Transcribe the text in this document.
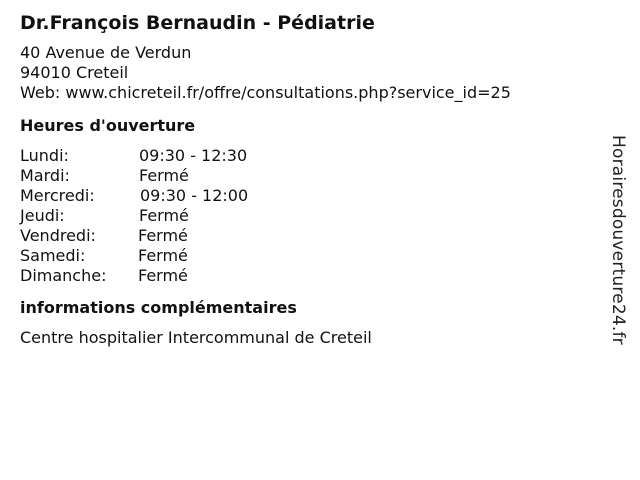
Dr.François Bernaudin - Pédiatrie
40 Avenue de Verdun
94010 Creteil
Web: www.chicreteil.fr/offre/consultations.php?service_id=25
Heures d'ouverture
Lundi:	09:30 - 12:30
Mardi:	Fermé
Mercredi:	09:30 - 12:00
Jeudi:	Fermé
Vendredi:	Fermé
Samedi:	Fermé
Dimanche: Fermé
informations complémentaires
Centre hospitalier Intercommunal de Creteil	Horairesdouverture24.fr
